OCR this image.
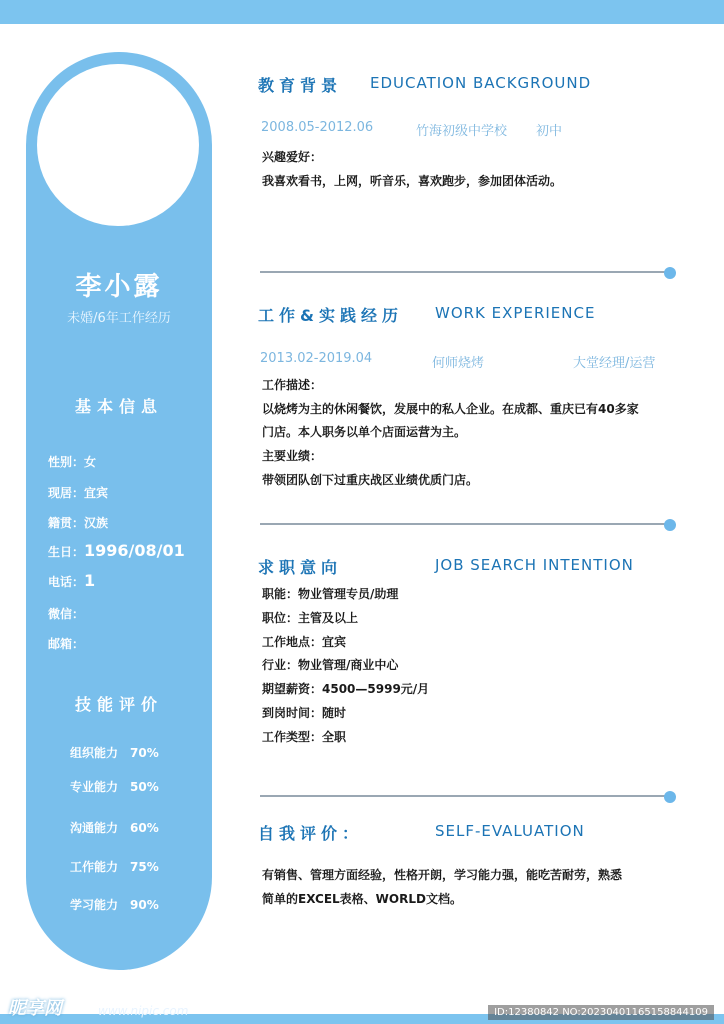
李小露
未婚/6年工作经历
基本信息
性别：女
现居：宜宾
籍贯：汉族
生日：1996/08/01
电话：1
微信：
邮箱：
技能评价
组织能力 70%
专业能力 50%
沟通能力 60%
工作能力 75%
学习能力 90%
教育背景 EDUCATION BACKGROUND
2008.05-2012.06	竹海初级中学校 初中
兴趣爱好：
我喜欢看书，上网，听音乐，喜欢跑步，参加团体活动。
工作&实践经历 WORK EXPERIENCE
2013.02-2019.04	何师烧烤	大堂经理/运营
工作描述：
以烧烤为主的休闲餐饮，发展中的私人企业。在成都、重庆已有40多家
门店。本人职务以单个店面运营为主。
主要业绩：
带领团队创下过重庆战区业绩优质门店。
求职意向	JOB SEARCH INTENTION
职能：物业管理专员/助理
职位：主管及以上
工作地点：宜宾
行业：物业管理/商业中心
期望薪资：4500—5999元/月
到岗时间：随时
工作类型：全职
自我评价：	SELF-EVALUATION
有销售、管理方面经验，性格开朗，学习能力强，能吃苦耐劳，熟悉
简单的EXCEL表格、WORLD文档。
昵享网	www.nipic.com	ID:12380842 NO:20230401165158844109
